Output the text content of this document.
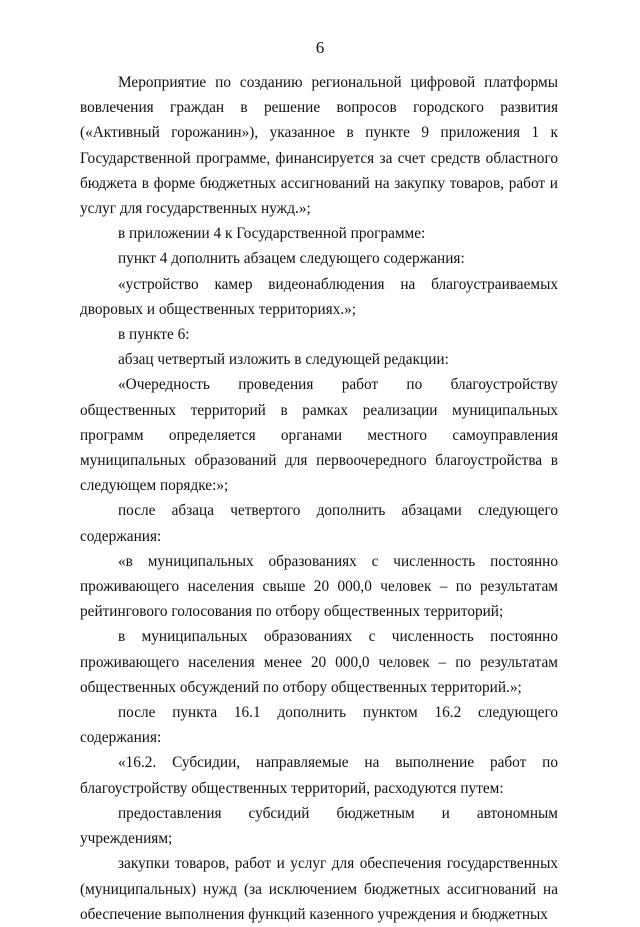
6

Мероприятие по созданию региональной цифровой платформы вовлечения граждан в решение вопросов городского развития («Активный горожанин»), указанное в пункте 9 приложения 1 к Государственной программе, финансируется за счет средств областного бюджета в форме бюджетных ассигнований на закупку товаров, работ и услуг для государственных нужд.»;

в приложении 4 к Государственной программе:

пункт 4 дополнить абзацем следующего содержания:

«устройство камер видеонаблюдения на благоустраиваемых дворовых и общественных территориях.»;

в пункте 6:

абзац четвертый изложить в следующей редакции:

«Очередность проведения работ по благоустройству общественных территорий в рамках реализации муниципальных программ определяется органами местного самоуправления муниципальных образований для первоочередного благоустройства в следующем порядке:»;

после абзаца четвертого дополнить абзацами следующего содержания:

«в муниципальных образованиях с численность постоянно проживающего населения свыше 20 000,0 человек – по результатам рейтингового голосования по отбору общественных территорий;

в муниципальных образованиях с численность постоянно проживающего населения менее 20 000,0 человек – по результатам общественных обсуждений по отбору общественных территорий.»;

после пункта 16.1 дополнить пунктом 16.2 следующего содержания:

«16.2. Субсидии, направляемые на выполнение работ по благоустройству общественных территорий, расходуются путем:

предоставления субсидий бюджетным и автономным учреждениям;

закупки товаров, работ и услуг для обеспечения государственных (муниципальных) нужд (за исключением бюджетных ассигнований на обеспечение выполнения функций казенного учреждения и бюджетных
